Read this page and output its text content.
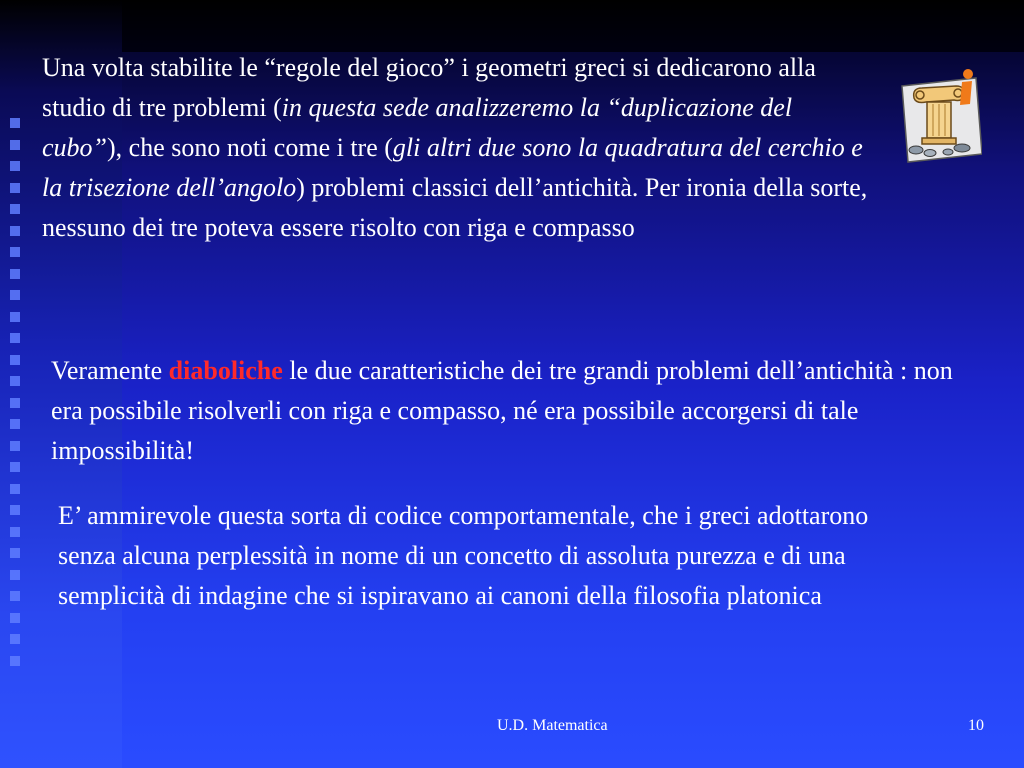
Una volta stabilite le “regole del gioco” i geometri greci si dedicarono alla studio di tre problemi (in questa sede analizzeremo la “duplicazione del cubo”), che sono noti come i tre (gli altri due sono la quadratura del cerchio e la trisezione dell’angolo) problemi classici dell’antichità. Per ironia della sorte, nessuno dei tre poteva essere risolto con riga e compasso

Veramente diaboliche le due caratteristiche dei tre grandi problemi dell’antichità : non era possibile risolverli con riga e compasso, né era possibile accorgersi di tale impossibilità!

E’ ammirevole questa sorta di codice comportamentale, che i greci adottarono senza alcuna perplessità in nome di un concetto di assoluta purezza e di una semplicità di indagine che si ispiravano ai canoni della filosofia platonica

U.D. Matematica	10
